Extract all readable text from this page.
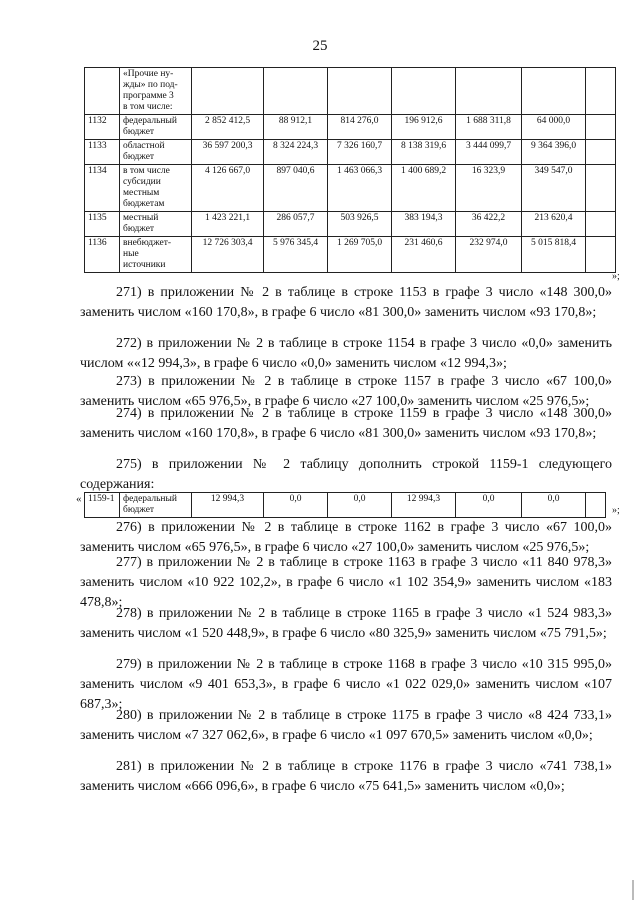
25
	«Прочие ну-
жды» по под-
программе 3
в том числе:							
1132	федеральный
бюджет	2 852 412,5	88 912,1	814 276,0	196 912,6	1 688 311,8	64 000,0	
1133	областной
бюджет	36 597 200,3	8 324 224,3	7 326 160,7	8 138 319,6	3 444 099,7	9 364 396,0	
1134	в том числе
субсидии
местным
бюджетам	4 126 667,0	897 040,6	1 463 066,3	1 400 689,2	16 323,9	349 547,0	
1135	местный
бюджет	1 423 221,1	286 057,7	503 926,5	383 194,3	36 422,2	213 620,4	
1136	внебюджет-
ные
источники	12 726 303,4	5 976 345,4	1 269 705,0	231 460,6	232 974,0	5 015 818,4	
»;

271) в приложении № 2 в таблице в строке 1153 в графе 3 число «148 300,0» заменить числом «160 170,8», в графе 6 число «81 300,0» заменить числом «93 170,8»;

272) в приложении № 2 в таблице в строке 1154 в графе 3 число «0,0» заменить числом ««12 994,3», в графе 6 число «0,0» заменить числом «12 994,3»;

273) в приложении № 2 в таблице в строке 1157 в графе 3 число «67 100,0» заменить числом «65 976,5», в графе 6 число «27 100,0» заменить числом «25 976,5»;

274) в приложении № 2 в таблице в строке 1159 в графе 3 число «148 300,0» заменить числом «160 170,8», в графе 6 число «81 300,0» заменить числом «93 170,8»;

275) в приложении № 2 таблицу дополнить строкой 1159-1 следующего содержания:

« 1159-1	федеральный
бюджет	12 994,3	0,0	0,0	12 994,3	0,0	0,0	
»;

276) в приложении № 2 в таблице в строке 1162 в графе 3 число «67 100,0» заменить числом «65 976,5», в графе 6 число «27 100,0» заменить числом «25 976,5»;

277) в приложении № 2 в таблице в строке 1163 в графе 3 число «11 840 978,3» заменить числом «10 922 102,2», в графе 6 число «1 102 354,9» заменить числом «183 478,8»;

278) в приложении № 2 в таблице в строке 1165 в графе 3 число «1 524 983,3» заменить числом «1 520 448,9», в графе 6 число «80 325,9» заменить числом «75 791,5»;

279) в приложении № 2 в таблице в строке 1168 в графе 3 число «10 315 995,0» заменить числом «9 401 653,3», в графе 6 число «1 022 029,0» заменить числом «107 687,3»;

280) в приложении № 2 в таблице в строке 1175 в графе 3 число «8 424 733,1» заменить числом «7 327 062,6», в графе 6 число «1 097 670,5» заменить числом «0,0»;

281) в приложении № 2 в таблице в строке 1176 в графе 3 число «741 738,1» заменить числом «666 096,6», в графе 6 число «75 641,5» заменить числом «0,0»;
